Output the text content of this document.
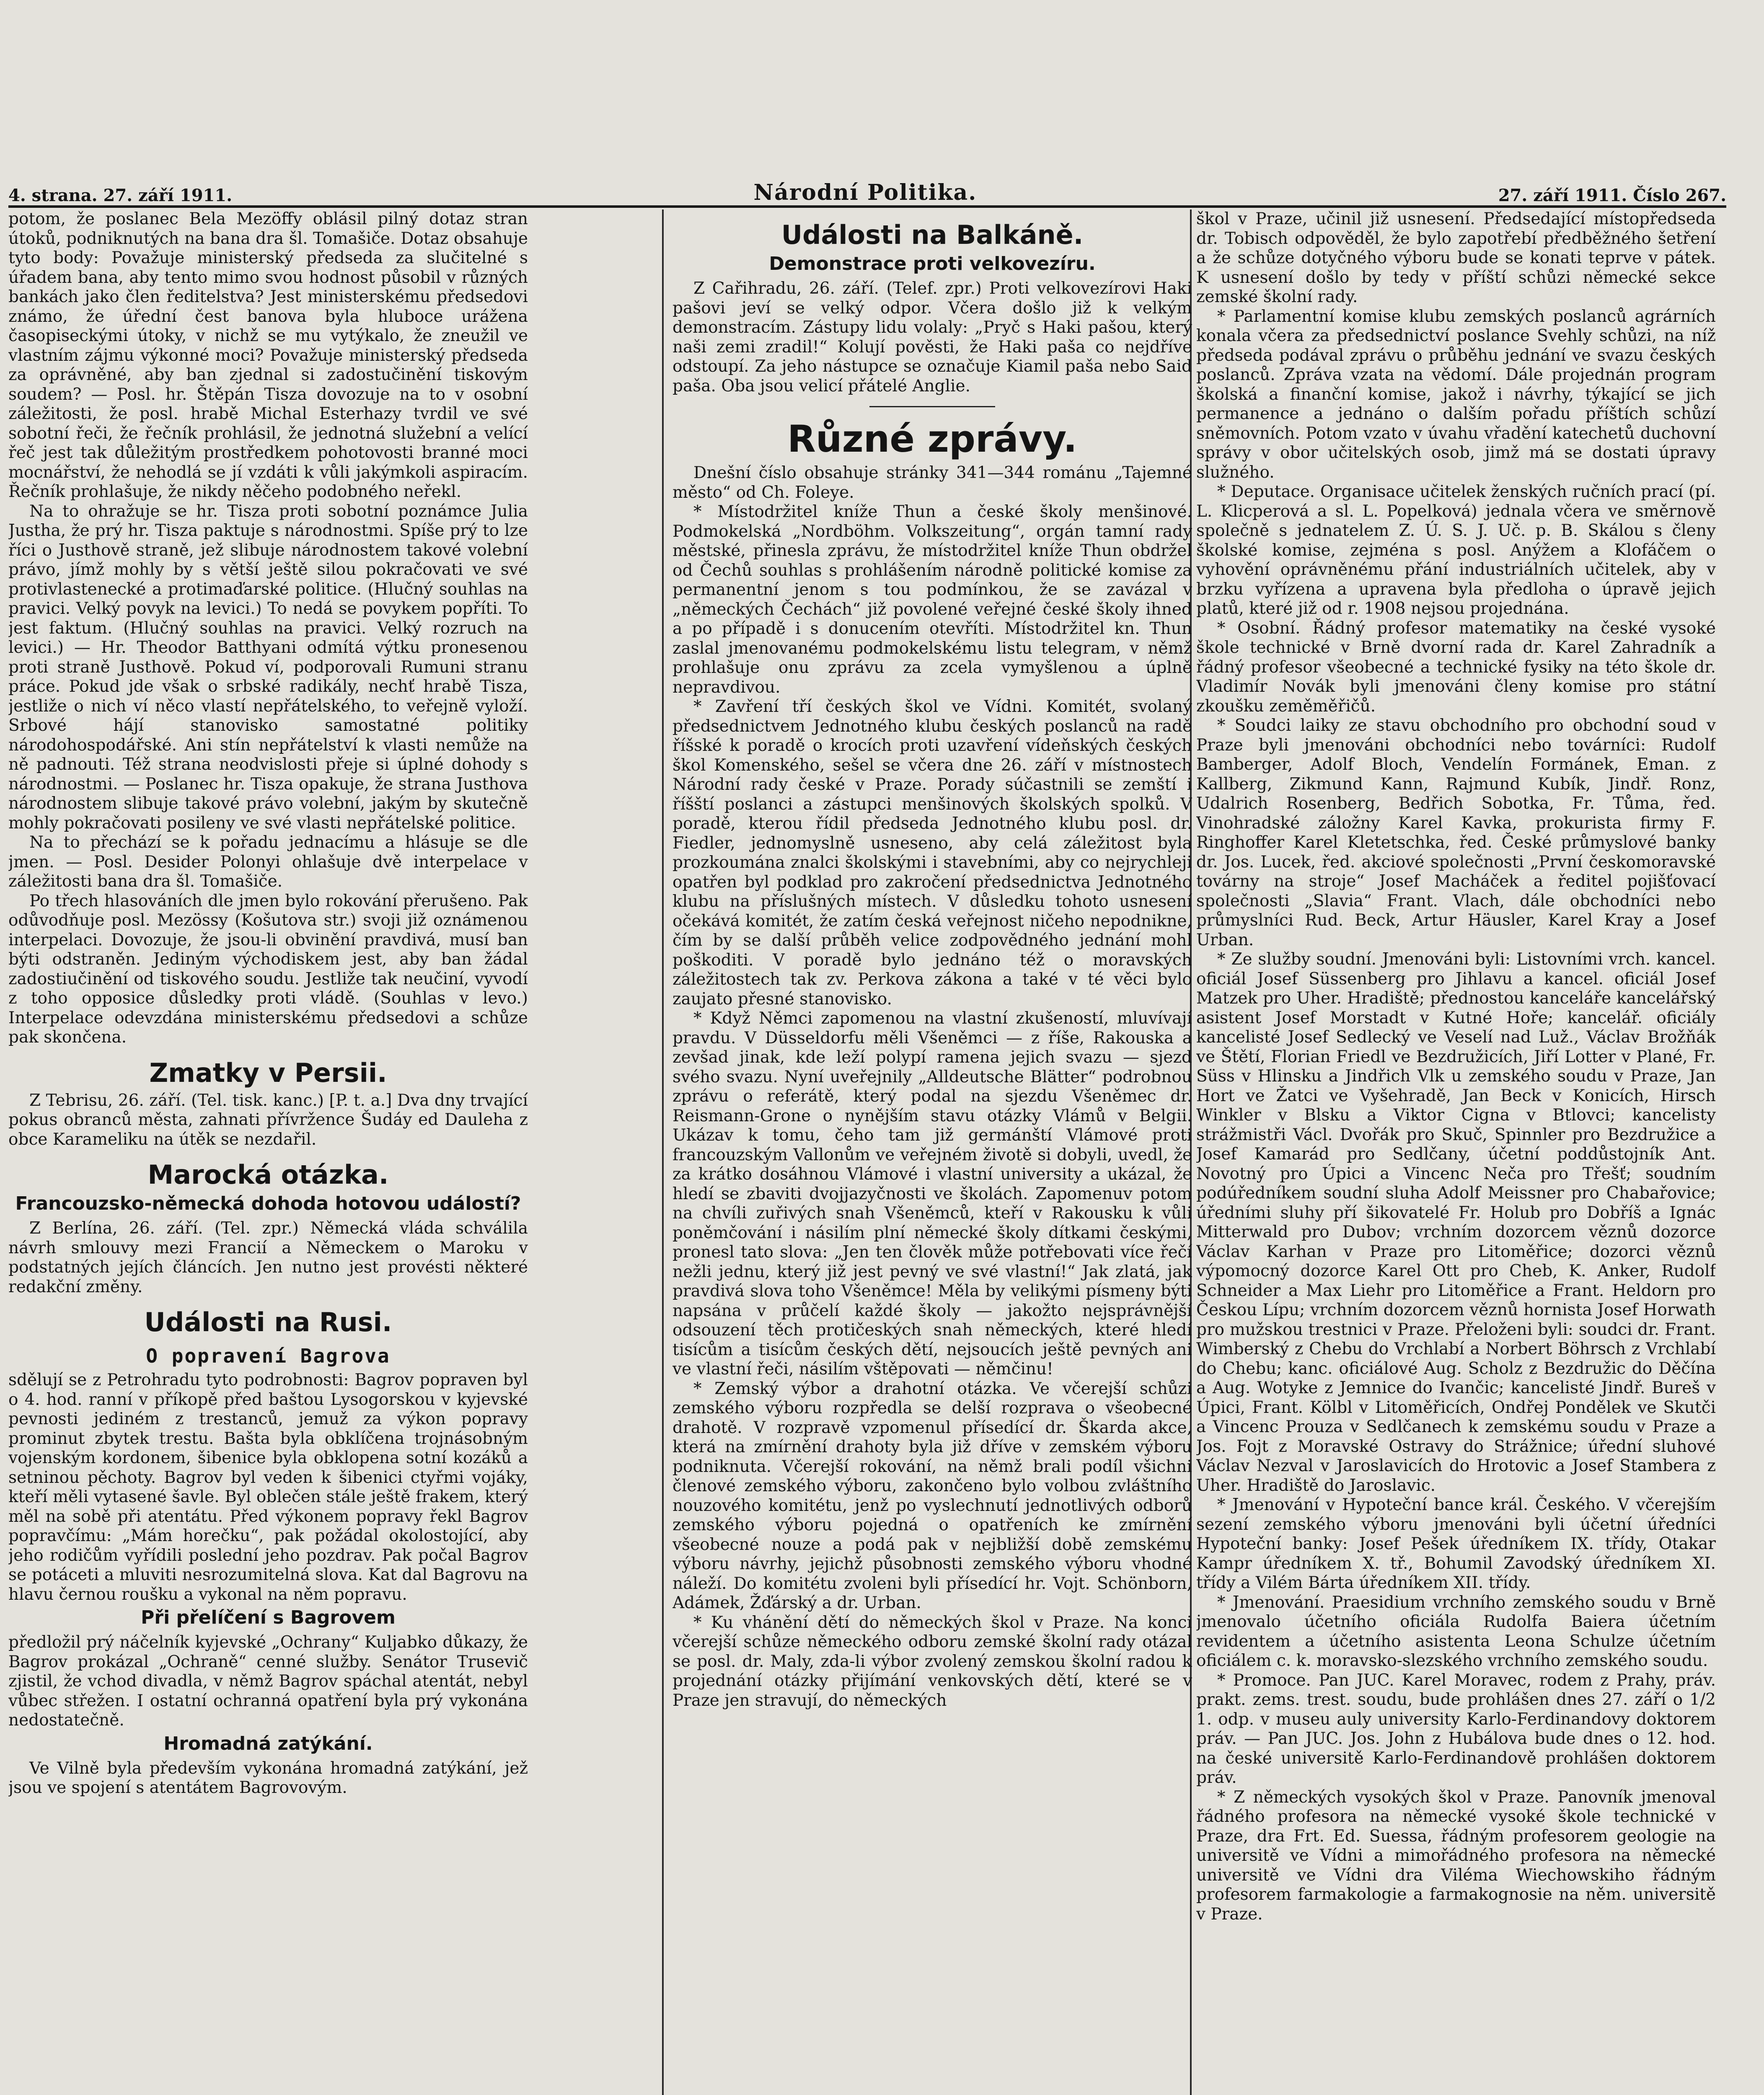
4. strana. 27. září 1911.	Národní Politika.	27. září 1911. Číslo 267.

potom, že poslanec Bela Mezöffy oblásil pilný dotaz stran útoků, podniknutých na bana dra šl. Tomašiče. Dotaz obsahuje tyto body: Považuje ministerský předseda za slučitelné s úřadem bana, aby tento mimo svou hodnost působil v různých bankách jako člen ředitelstva? Jest ministerskému předsedovi známo, že úřední čest banova byla hluboce urážena časopiseckými útoky, v nichž se mu vytýkalo, že zneužil ve vlastním zájmu výkonné moci? Považuje ministerský předseda za oprávněné, aby ban zjednal si zadostučinění tiskovým soudem? — Posl. hr. Štěpán Tisza dovozuje na to v osobní záležitosti, že posl. hrabě Michal Esterhazy tvrdil ve své sobotní řeči, že řečník prohlásil, že jednotná služební a velící řeč jest tak důležitým prostředkem pohotovosti branné moci mocnářství, že nehodlá se jí vzdáti k vůli jakýmkoli aspiracím. Řečník prohlašuje, že nikdy něčeho podobného neřekl.

Na to ohražuje se hr. Tisza proti sobotní poznámce Julia Justha, že prý hr. Tisza paktuje s národnostmi. Spíše prý to lze říci o Justhově straně, jež slibuje národnostem takové volební právo, jímž mohly by s větší ještě silou pokračovati ve své protivlastenecké a protimaďarské politice. (Hlučný souhlas na pravici. Velký povyk na levici.) To nedá se povykem popříti. To jest faktum. (Hlučný souhlas na pravici. Velký rozruch na levici.) — Hr. Theodor Batthyani odmítá výtku pronesenou proti straně Justhově. Pokud ví, podporovali Rumuni stranu práce. Pokud jde však o srbské radikály, nechť hrabě Tisza, jestliže o nich ví něco vlastí nepřátelského, to veřejně vyloží. Srbové hájí stanovisko samostatné politiky národohospodářské. Ani stín nepřátelství k vlasti nemůže na ně padnouti. Též strana neodvislosti přeje si úplné dohody s národnostmi. — Poslanec hr. Tisza opakuje, že strana Justhova národnostem slibuje takové právo volební, jakým by skutečně mohly pokračovati posileny ve své vlasti nepřátelské politice.

Na to přechází se k pořadu jednacímu a hlásuje se dle jmen. — Posl. Desider Polonyi ohlašuje dvě interpelace v záležitosti bana dra šl. Tomašiče.

Po třech hlasováních dle jmen bylo rokování přerušeno. Pak odůvodňuje posl. Mezössy (Košutova str.) svoji již oznámenou interpelaci. Dovozuje, že jsou-li obvinění pravdivá, musí ban býti odstraněn. Jediným východiskem jest, aby ban žádal zadostiučinění od tiskového soudu. Jestliže tak neučiní, vyvodí z toho opposice důsledky proti vládě. (Souhlas v levo.) Interpelace odevzdána ministerskému předsedovi a schůze pak skončena.

Zmatky v Persii.

Z Tebrisu, 26. září. (Tel. tisk. kanc.) [P. t. a.] Dva dny trvající pokus obranců města, zahnati přívržence Šudáy ed Dauleha z obce Karameliku na útěk se nezdařil.

Marocká otázka.
Francouzsko-německá dohoda hotovou událostí?

Z Berlína, 26. září. (Tel. zpr.) Německá vláda schválila návrh smlouvy mezi Francií a Německem o Maroku v podstatných jejích článcích. Jen nutno jest provésti některé redakční změny.

Události na Rusi.
O popravení Bagrova

sdělují se z Petrohradu tyto podrobnosti: Bagrov popraven byl o 4. hod. ranní v příkopě před baštou Lysogorskou v kyjevské pevnosti jediném z trestanců, jemuž za výkon popravy prominut zbytek trestu. Bašta byla obklíčena trojnásobným vojenským kordonem, šibenice byla obklopena sotní kozáků a setninou pěchoty. Bagrov byl veden k šibenici ctyřmi vojáky, kteří měli vytasené šavle. Byl oblečen stále ještě frakem, který měl na sobě při atentátu. Před výkonem popravy řekl Bagrov popravčímu: „Mám horečku“, pak požádal okolostojící, aby jeho rodičům vyřídili poslední jeho pozdrav. Pak počal Bagrov se potáceti a mluviti nesrozumitelná slova. Kat dal Bagrovu na hlavu černou roušku a vykonal na něm popravu.

Při přelíčení s Bagrovem

předložil prý náčelník kyjevské „Ochrany“ Kuljabko důkazy, že Bagrov prokázal „Ochraně“ cenné služby. Senátor Trusevič zjistil, že vchod divadla, v němž Bagrov spáchal atentát, nebyl vůbec střežen. I ostatní ochranná opatření byla prý vykonána nedostatečně.

Hromadná zatýkání.

Ve Vilně byla především vykonána hromadná zatýkání, jež jsou ve spojení s atentátem Bagrovovým.

Události na Balkáně.
Demonstrace proti velkovezíru.

Z Cařihradu, 26. září. (Telef. zpr.) Proti velkovezírovi Haki pašovi jeví se velký odpor. Včera došlo již k velkým demonstracím. Zástupy lidu volaly: „Pryč s Haki pašou, který naši zemi zradil!“ Kolují pověsti, že Haki paša co nejdříve odstoupí. Za jeho nástupce se označuje Kiamil paša nebo Said paša. Oba jsou velicí přátelé Anglie.

Různé zprávy.

Dnešní číslo obsahuje stránky 341—344 románu „Tajemné město“ od Ch. Foleye.

* Místodržitel kníže Thun a české školy menšinové. Podmokelská „Nordböhm. Volkszeitung“, orgán tamní rady městské, přinesla zprávu, že místodržitel kníže Thun obdržel od Čechů souhlas s prohlášením národně politické komise za permanentní jenom s tou podmínkou, že se zavázal v „německých Čechách“ již povolené veřejné české školy ihned a po případě i s donucením otevříti. Místodržitel kn. Thun zaslal jmenovanému podmokelskému listu telegram, v němž prohlašuje onu zprávu za zcela vymyšlenou a úplně nepravdivou.

* Zavření tří českých škol ve Vídni. Komitét, svolaný předsednictvem Jednotného klubu českých poslanců na radě říšské k poradě o krocích proti uzavření vídeňských českých škol Komenského, sešel se včera dne 26. září v místnostech Národní rady české v Praze. Porady súčastnili se zemští i říšští poslanci a zástupci menšinových školských spolků. V poradě, kterou řídil předseda Jednotného klubu posl. dr. Fiedler, jednomyslně usneseno, aby celá záležitost byla prozkoumána znalci školskými i stavebními, aby co nejrychleji opatřen byl podklad pro zakročení předsednictva Jednotného klubu na příslušných místech. V důsledku tohoto usnesení očekává komitét, že zatím česká veřejnost ničeho nepodnikne, čím by se další průběh velice zodpovědného jednání mohl poškoditi. V poradě bylo jednáno též o moravských záležitostech tak zv. Perkova zákona a také v té věci bylo zaujato přesné stanovisko.

* Když Němci zapomenou na vlastní zkušeností, mluvívají pravdu. V Düsseldorfu měli Všeněmci — z říše, Rakouska a zevšad jinak, kde leží polypí ramena jejich svazu — sjezd svého svazu. Nyní uveřejnily „Alldeutsche Blätter“ podrobnou zprávu o referátě, který podal na sjezdu Všeněmec dr. Reismann-Grone o nynějším stavu otázky Vlámů v Belgii. Ukázav k tomu, čeho tam již germánští Vlámové proti francouzským Vallonům ve veřejném životě si dobyli, uvedl, že za krátko dosáhnou Vlámové i vlastní university a ukázal, že hledí se zbaviti dvojjazyčnosti ve školách. Zapomenuv potom na chvíli zuřivých snah Všeněmců, kteří v Rakousku k vůli poněmčování i násilím plní německé školy dítkami českými, pronesl tato slova: „Jen ten člověk může potřebovati více řečí nežli jednu, který již jest pevný ve své vlastní!“ Jak zlatá, jak pravdivá slova toho Všeněmce! Měla by velikými písmeny býti napsána v průčelí každé školy — jakožto nejsprávnější odsouzení těch protičeských snah německých, které hledí tisícům a tisícům českých dětí, nejsoucích ještě pevných ani ve vlastní řeči, násilím vštěpovati — němčinu!

* Zemský výbor a drahotní otázka. Ve včerejší schůzi zemského výboru rozpředla se delší rozprava o všeobecné drahotě. V rozpravě vzpomenul přísedící dr. Škarda akce, která na zmírnění drahoty byla již dříve v zemském výboru podniknuta. Včerejší rokování, na němž brali podíl všichni členové zemského výboru, zakončeno bylo volbou zvláštního nouzového komitétu, jenž po vyslechnutí jednotlivých odborů zemského výboru pojedná o opatřeních ke zmírnění všeobecné nouze a podá pak v nejbližší době zemskému výboru návrhy, jejichž působnosti zemského výboru vhodné náleží. Do komitétu zvoleni byli přísedící hr. Vojt. Schönborn, Adámek, Žďárský a dr. Urban.

* Ku vhánění dětí do německých škol v Praze. Na konci včerejší schůze německého odboru zemské školní rady otázal se posl. dr. Maly, zda-li výbor zvolený zemskou školní radou k projednání otázky přijímání venkovských dětí, které se v Praze jen stravují, do německých

škol v Praze, učinil již usnesení. Předsedající místopředseda dr. Tobisch odpověděl, že bylo zapotřebí předběžného šetření a že schůze dotyčného výboru bude se konati teprve v pátek. K usnesení došlo by tedy v příští schůzi německé sekce zemské školní rady.

* Parlamentní komise klubu zemských poslanců agrárních konala včera za předsednictví poslance Svehly schůzi, na níž předseda podával zprávu o průběhu jednání ve svazu českých poslanců. Zpráva vzata na vědomí. Dále projednán program školská a finanční komise, jakož i návrhy, týkající se jich permanence a jednáno o dalším pořadu příštích schůzí sněmovních. Potom vzato v úvahu vřadění katechetů duchovní správy v obor učitelských osob, jimž má se dostati úpravy služného.

* Deputace. Organisace učitelek ženských ručních prací (pí. L. Klicperová a sl. L. Popelková) jednala včera ve směrnově společně s jednatelem Z. Ú. S. J. Uč. p. B. Skálou s členy školské komise, zejména s posl. Anýžem a Klofáčem o vyhovění oprávněnému přání industriálních učitelek, aby v brzku vyřízena a upravena byla předloha o úpravě jejich platů, které již od r. 1908 nejsou projednána.

* Osobní. Řádný profesor matematiky na české vysoké škole technické v Brně dvorní rada dr. Karel Zahradník a řádný profesor všeobecné a technické fysiky na této škole dr. Vladimír Novák byli jmenováni členy komise pro státní zkoušku zeměměřičů.

* Soudci laiky ze stavu obchodního pro obchodní soud v Praze byli jmenováni obchodníci nebo továrníci: Rudolf Bamberger, Adolf Bloch, Vendelín Formánek, Eman. z Kallberg, Zikmund Kann, Rajmund Kubík, Jindř. Ronz, Udalrich Rosenberg, Bedřich Sobotka, Fr. Tůma, řed. Vinohradské záložny Karel Kavka, prokurista firmy F. Ringhoffer Karel Kletetschka, řed. České průmyslové banky dr. Jos. Lucek, řed. akciové společnosti „První českomoravské továrny na stroje“ Josef Macháček a ředitel pojišťovací společnosti „Slavia“ Frant. Vlach, dále obchodníci nebo průmyslníci Rud. Beck, Artur Häusler, Karel Kray a Josef Urban.

* Ze služby soudní. Jmenováni byli: Listovními vrch. kancel. oficiál Josef Süssenberg pro Jihlavu a kancel. oficiál Josef Matzek pro Uher. Hradiště; přednostou kanceláře kancelářský asistent Josef Morstadt v Kutné Hoře; kancelář. oficiály kancelisté Josef Sedlecký ve Veselí nad Luž., Václav Brožňák ve Štětí, Florian Friedl ve Bezdružicích, Jiří Lotter v Plané, Fr. Süss v Hlinsku a Jindřich Vlk u zemského soudu v Praze, Jan Hort ve Žatci ve Vyšehradě, Jan Beck v Konicích, Hirsch Winkler v Blsku a Viktor Cigna v Btlovci; kancelisty strážmistři Václ. Dvořák pro Skuč, Spinnler pro Bezdružice a Josef Kamarád pro Sedlčany, účetní poddůstojník Ant. Novotný pro Úpici a Vincenc Neča pro Třešť; soudním podúředníkem soudní sluha Adolf Meissner pro Chabařovice; úředními sluhy pří šikovatelé Fr. Holub pro Dobříš a Ignác Mitterwald pro Dubov; vrchním dozorcem věznů dozorce Václav Karhan v Praze pro Litoměřice; dozorci věznů výpomocný dozorce Karel Ott pro Cheb, K. Anker, Rudolf Schneider a Max Liehr pro Litoměřice a Frant. Heldorn pro Českou Lípu; vrchním dozorcem věznů hornista Josef Horwath pro mužskou trestnici v Praze. Přeloženi byli: soudci dr. Frant. Wimberský z Chebu do Vrchlabí a Norbert Böhrsch z Vrchlabí do Chebu; kanc. oficiálové Aug. Scholz z Bezdružic do Děčína a Aug. Wotyke z Jemnice do Ivančic; kancelisté Jindř. Bureš v Úpici, Frant. Kölbl v Litoměřicích, Ondřej Pondělek ve Skutči a Vincenc Prouza v Sedlčanech k zemskému soudu v Praze a Jos. Fojt z Moravské Ostravy do Strážnice; úřední sluhové Václav Nezval v Jaroslavicích do Hrotovic a Josef Stambera z Uher. Hradiště do Jaroslavic.

* Jmenování v Hypoteční bance král. Českého. V včerejším sezení zemského výboru jmenováni byli účetní úředníci Hypoteční banky: Josef Pešek úředníkem IX. třídy, Otakar Kampr úředníkem X. tř., Bohumil Zavodský úředníkem XI. třídy a Vilém Bárta úředníkem XII. třídy.

* Jmenování. Praesidium vrchního zemského soudu v Brně jmenovalo účetního oficiála Rudolfa Baiera účetním revidentem a účetního asistenta Leona Schulze účetním oficiálem c. k. moravsko-slezského vrchního zemského soudu.

* Promoce. Pan JUC. Karel Moravec, rodem z Prahy, práv. prakt. zems. trest. soudu, bude prohlášen dnes 27. září o 1/2 1. odp. v museu auly university Karlo-Ferdinandovy doktorem práv. — Pan JUC. Jos. John z Hubálova bude dnes o 12. hod. na české universitě Karlo-Ferdinandově prohlášen doktorem práv.

* Z německých vysokých škol v Praze. Panovník jmenoval řádného profesora na německé vysoké škole technické v Praze, dra Frt. Ed. Suessa, řádným profesorem geologie na universitě ve Vídni a mimořádného profesora na německé universitě ve Vídni dra Viléma Wiechowskiho řádným profesorem farmakologie a farmakognosie na něm. universitě v Praze.
